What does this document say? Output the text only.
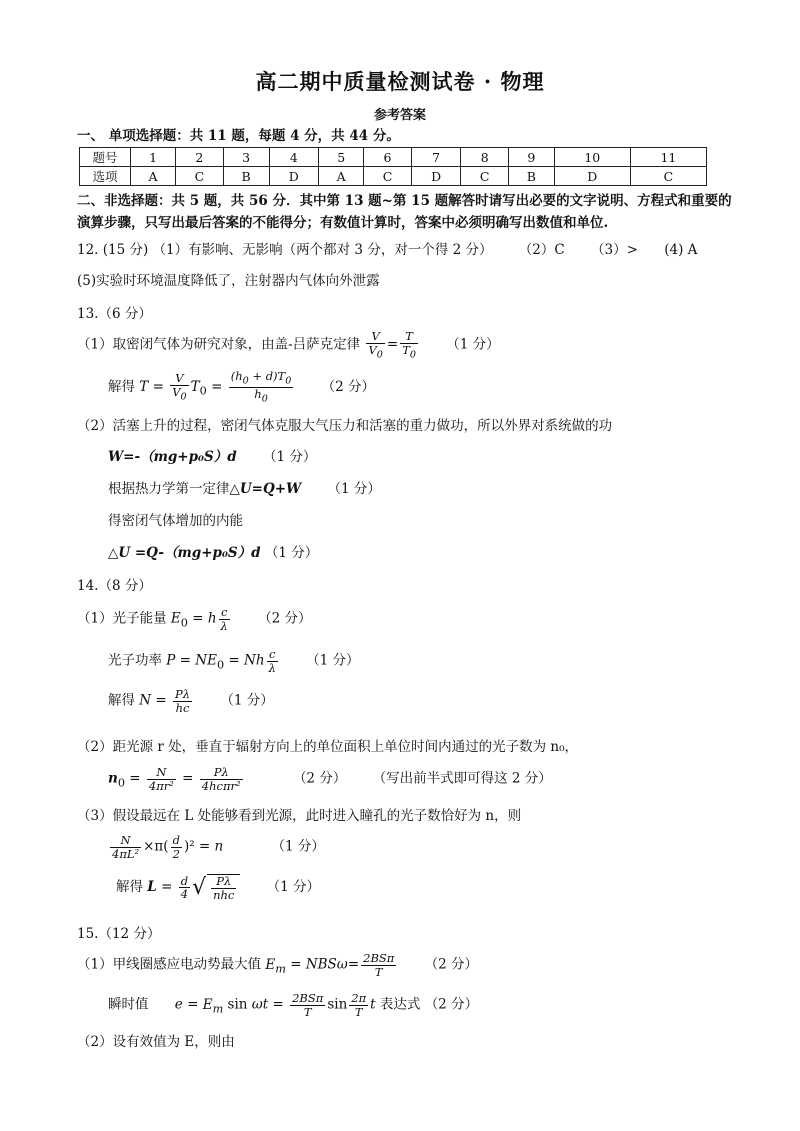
高二期中质量检测试卷 · 物理
参考答案
一、 单项选择题：共 11 题，每题 4 分，共 44 分。
题号	1	2	3	4	5	6	7	8	9	10	11
选项	A	C	B	D	A	C	D	C	B	D	C
二、非选择题：共 5 题，共 56 分．其中第 13 题~第 15 题解答时请写出必要的文字说明、方程式和重要的
演算步骤，只写出最后答案的不能得分；有数值计算时，答案中必须明确写出数值和单位.
12. (15 分) （1）有影响、无影响（两个都对 3 分，对一个得 2 分） （2）C （3）> (4) A
(5)实验时环境温度降低了，注射器内气体向外泄露
13.（6 分）
（1）取密闭气体为研究对象，由盖-吕萨克定律 $\frac{V}{V_0} = \frac{T}{T_0} (1$ 分）
解得 $T = \frac{V}{V_0} T_0 = \frac{(h_0 + d)T_0}{h_0} (2$ 分）
（2）活塞上升的过程，密闭气体克服大气压力和活塞的重力做功，所以外界对系统做的功
W=-（mg+p₀S）d （1 分）
根据热力学第一定律△U=Q+W （1 分）
得密闭气体增加的内能
△U =Q-（mg+p₀S）d （1 分）
14.（8 分）
（1）光子能量 $E_0 = h \frac{c}{\lambda} (2$ 分）
光子功率 $P = NE_0 = Nh \frac{c}{\lambda} (1$ 分）
解得 $N = \frac{P\lambda}{hc} (1$ 分）
（2）距光源 r 处，垂直于辐射方向上的单位面积上单位时间内通过的光子数为 n₀，
$n_0 = \frac{N}{\text{4πr²}} = \frac{P\lambda}{\text{4hcπr²}}$	（2 分） （写出前半式即可得这 2 分）
（3）假设最远在 L 处能够看到光源，此时进入瞳孔的光子数恰好为 n，则
$\frac{N}{\text{4πL²}} \times\pi( \frac{d}{2} )^2 = n$	（1 分）
解得 $L = \frac{d}{4}$ √ $\frac{P\lambda}{\text{nhc}} (1$ 分）
15.（12 分）
（1）甲线圈感应电动势最大值 $E_m = NBS\omega= \frac{\text{2BSπ}}{T} (2$ 分）
瞬时值 $e = E_m$ $\sin \omega t = \frac{\text{2BSπ}}{T}$ $\sin \frac{2\pi}{T}$ t 表达式 （2 分）
（2）设有效值为 E，则由
